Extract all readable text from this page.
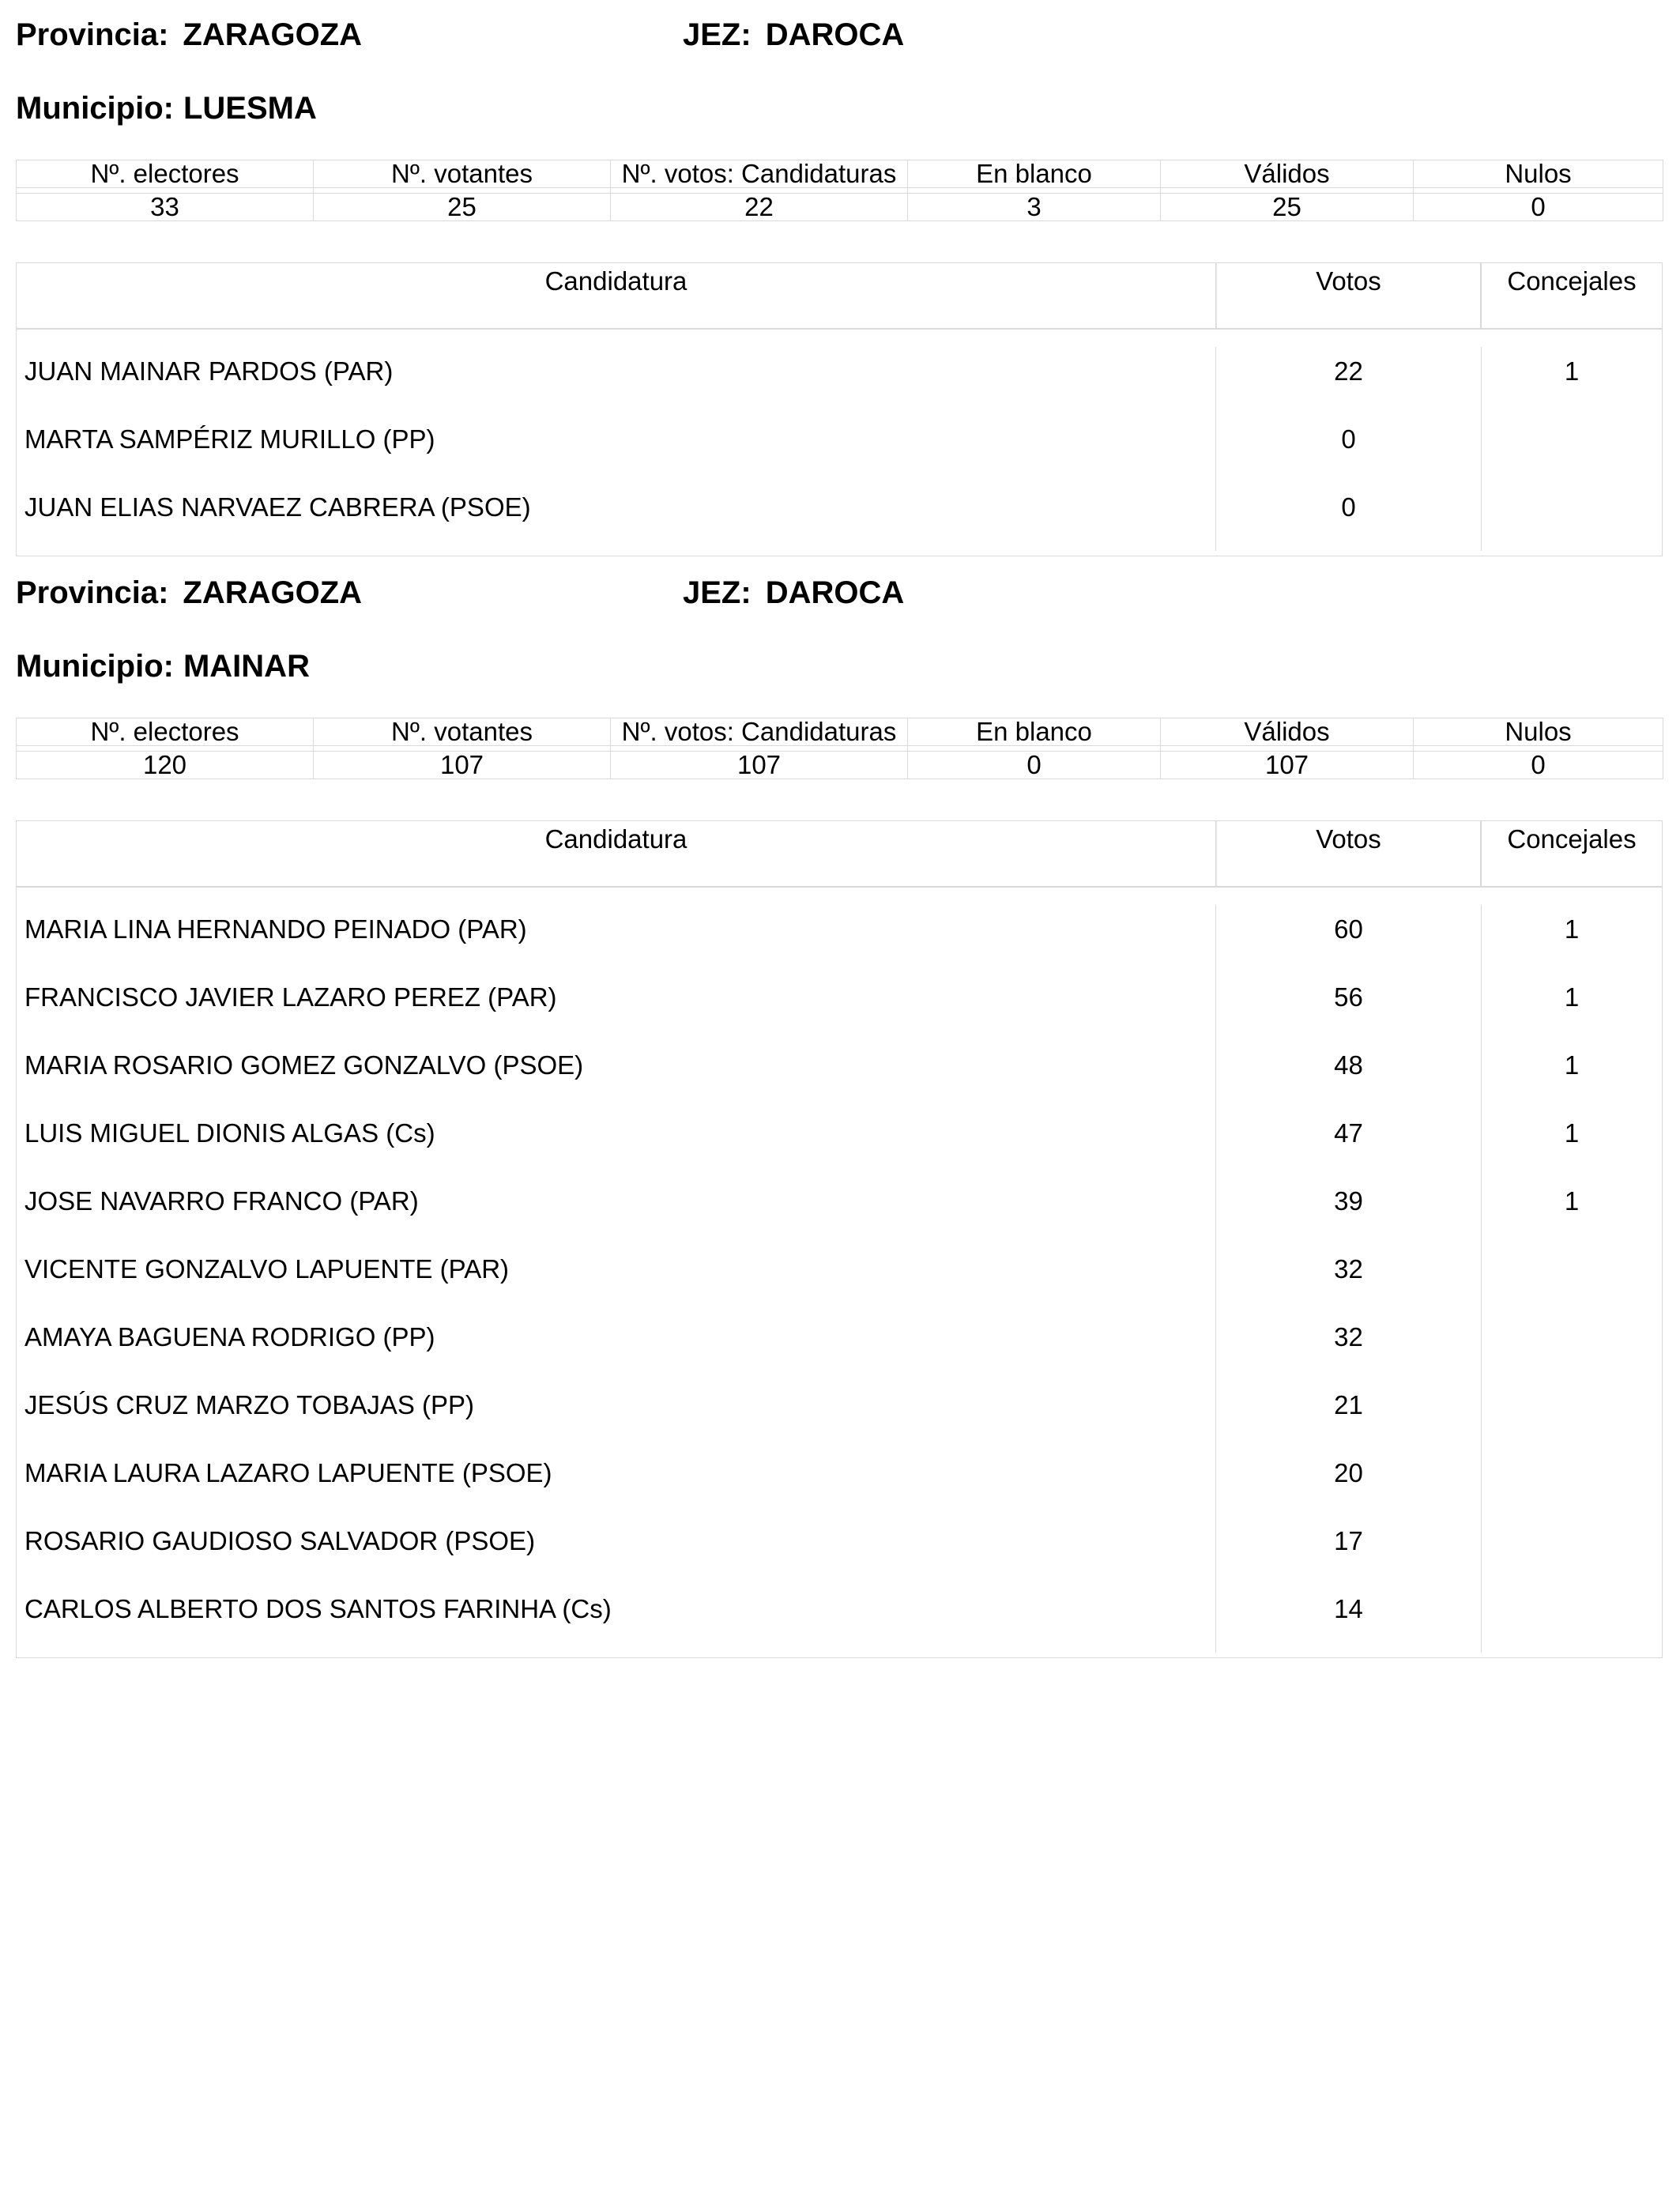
Provincia: ZARAGOZA	JEZ: DAROCA
Municipio: LUESMA
Nº. electores	Nº. votantes	Nº. votos: Candidaturas	En blanco	Válidos	Nulos

33	25	22	3	25	0
Candidatura	Votos	Concejales
JUAN MAINAR PARDOS (PAR)	22	1
MARTA SAMPÉRIZ MURILLO (PP)	0
JUAN ELIAS NARVAEZ CABRERA (PSOE)	0
Provincia: ZARAGOZA	JEZ: DAROCA
Municipio: MAINAR
Nº. electores	Nº. votantes	Nº. votos: Candidaturas	En blanco	Válidos	Nulos

120	107	107	0	107	0
Candidatura	Votos	Concejales
MARIA LINA HERNANDO PEINADO (PAR)	60	1
FRANCISCO JAVIER LAZARO PEREZ (PAR)	56	1
MARIA ROSARIO GOMEZ GONZALVO (PSOE)	48	1
LUIS MIGUEL DIONIS ALGAS (Cs)	47	1
JOSE NAVARRO FRANCO (PAR)	39	1
VICENTE GONZALVO LAPUENTE (PAR)	32
AMAYA BAGUENA RODRIGO (PP)	32
JESÚS CRUZ MARZO TOBAJAS (PP)	21
MARIA LAURA LAZARO LAPUENTE (PSOE)	20
ROSARIO GAUDIOSO SALVADOR (PSOE)	17
CARLOS ALBERTO DOS SANTOS FARINHA (Cs)	14
